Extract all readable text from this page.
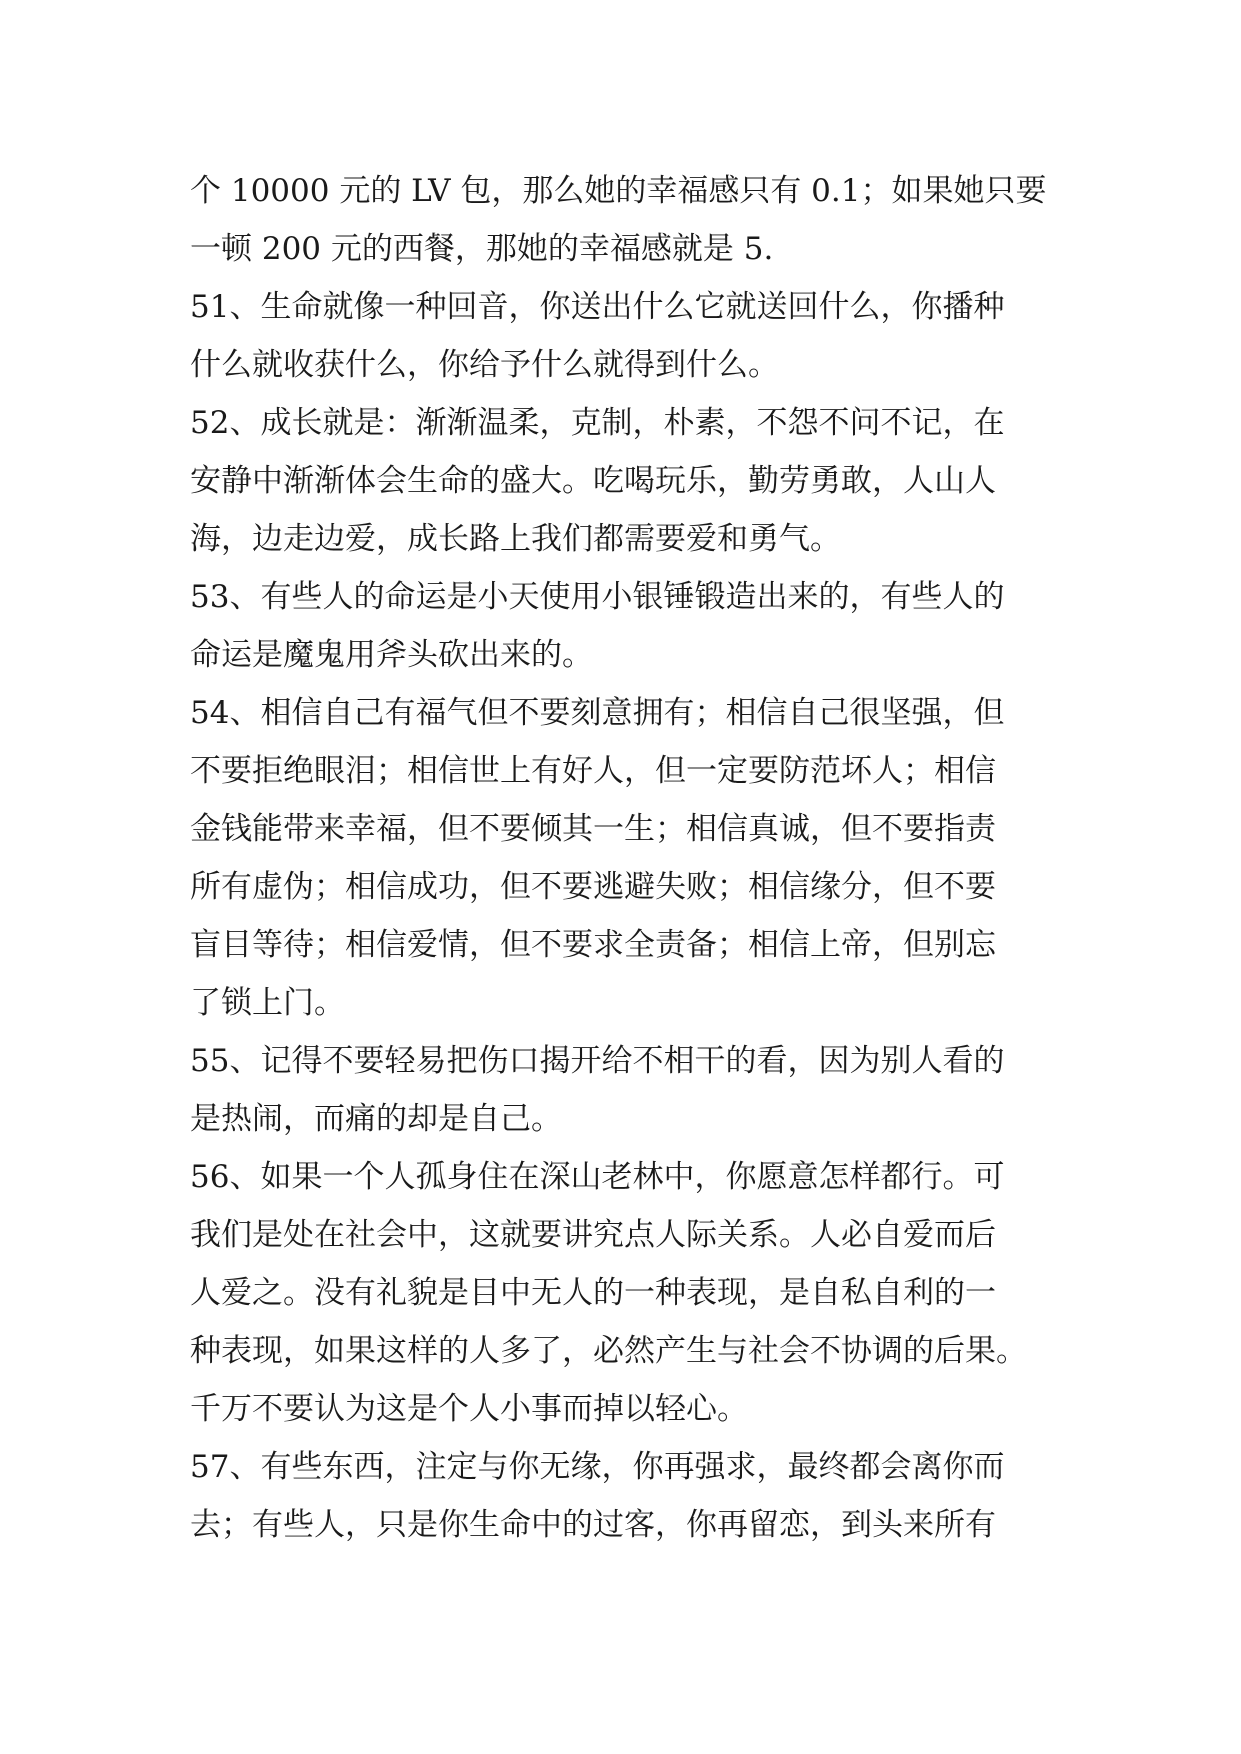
个 10000 元的 LV 包，那么她的幸福感只有 0.1；如果她只要
一顿 200 元的西餐，那她的幸福感就是 5.

51、生命就像一种回音，你送出什么它就送回什么，你播种
什么就收获什么，你给予什么就得到什么。

52、成长就是：渐渐温柔，克制，朴素，不怨不问不记，在
安静中渐渐体会生命的盛大。吃喝玩乐，勤劳勇敢，人山人
海，边走边爱，成长路上我们都需要爱和勇气。

53、有些人的命运是小天使用小银锤锻造出来的，有些人的
命运是魔鬼用斧头砍出来的。

54、相信自己有福气但不要刻意拥有；相信自己很坚强，但
不要拒绝眼泪；相信世上有好人，但一定要防范坏人；相信
金钱能带来幸福，但不要倾其一生；相信真诚，但不要指责
所有虚伪；相信成功，但不要逃避失败；相信缘分，但不要
盲目等待；相信爱情，但不要求全责备；相信上帝，但别忘
了锁上门。

55、记得不要轻易把伤口揭开给不相干的看，因为别人看的
是热闹，而痛的却是自己。

56、如果一个人孤身住在深山老林中，你愿意怎样都行。可
我们是处在社会中，这就要讲究点人际关系。人必自爱而后
人爱之。没有礼貌是目中无人的一种表现，是自私自利的一
种表现，如果这样的人多了，必然产生与社会不协调的后果。
千万不要认为这是个人小事而掉以轻心。

57、有些东西，注定与你无缘，你再强求，最终都会离你而
去；有些人，只是你生命中的过客，你再留恋，到头来所有
